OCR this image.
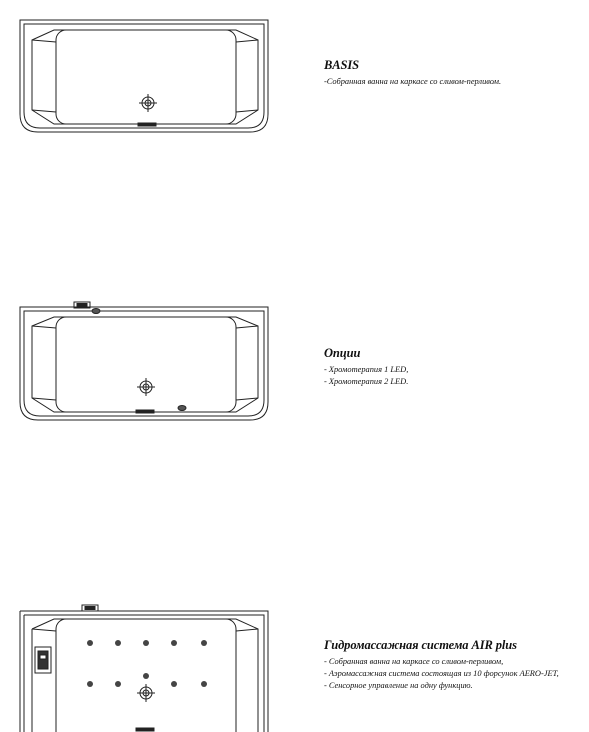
BASIS
-Собранная ванна на каркасе со сливом-перливом.
Опции
- Хромотерапия 1 LED,
- Хромотерапия 2 LED.
Гидромассажная система AIR plus
- Собранная ванна на каркасе со сливом-перливом,
- Аэромассажная система состоящая из 10 форсунок AERO-JET,
- Сенсорное управление на одну функцию.
